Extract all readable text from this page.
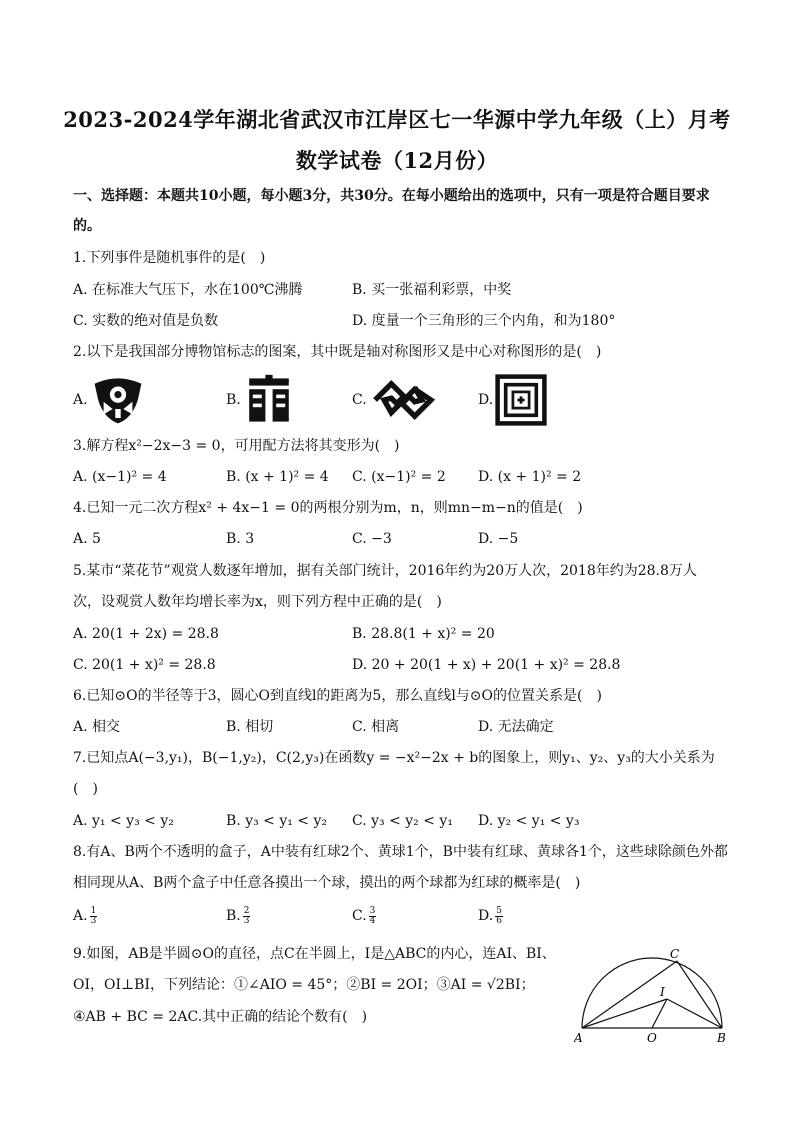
2023-2024学年湖北省武汉市江岸区七一华源中学九年级（上）月考
数学试卷（12月份）
一、选择题：本题共10小题，每小题3分，共30分。在每小题给出的选项中，只有一项是符合题目要求
的。
1.下列事件是随机事件的是(　)
A. 在标准大气压下，水在100℃沸腾	B. 买一张福利彩票，中奖
C. 实数的绝对值是负数	D. 度量一个三角形的三个内角，和为180°
2.以下是我国部分博物馆标志的图案，其中既是轴对称图形又是中心对称图形的是(　)
A.	B.	C.	D.
3.解方程x²−2x−3 = 0，可用配方法将其变形为(　)
A. (x−1)² = 4	B. (x + 1)² = 4 C. (x−1)² = 2 D. (x + 1)² = 2
4.已知一元二次方程x² + 4x−1 = 0的两根分别为m，n，则mn−m−n的值是(　)
A. 5	B. 3	C. −3	D. −5
5.某市“菜花节”观赏人数逐年增加，据有关部门统计，2016年约为20万人次，2018年约为28.8万人
次，设观赏人数年均增长率为x，则下列方程中正确的是(　)
A. 20(1 + 2x) = 28.8	B. 28.8(1 + x)² = 20
C. 20(1 + x)² = 28.8	D. 20 + 20(1 + x) + 20(1 + x)² = 28.8
6.已知⊙O的半径等于3，圆心O到直线l的距离为5，那么直线l与⊙O的位置关系是(　)
A. 相交	B. 相切	C. 相离	D. 无法确定
7.已知点A(−3,y₁)，B(−1,y₂)，C(2,y₃)在函数y = −x²−2x + b的图象上，则y₁、y₂、y₃的大小关系为
(　)
A. y₁ < y₃ < y₂	B. y₃ < y₁ < y₂ C. y₃ < y₂ < y₁ D. y₂ < y₁ < y₃
8.有A、B两个不透明的盒子，A中装有红球2个、黄球1个，B中装有红球、黄球各1个，这些球除颜色外都
相同现从A、B两个盒子中任意各摸出一个球，摸出的两个球都为红球的概率是(　)
A. $\frac{1}{3}$	B. $\frac{2}{3}$	C. $\frac{3}{4}$	D. $\frac{5}{6}$
9.如图，AB是半圆⊙O的直径，点C在半圆上，I是△ABC的内心，连AI、BI、
OI，OI⊥BI，下列结论：①∠AIO = 45°；②BI = 2OI；③AI = √2BI；
④AB + BC = 2AC.其中正确的结论个数有(　)
A	B
C
O
I
